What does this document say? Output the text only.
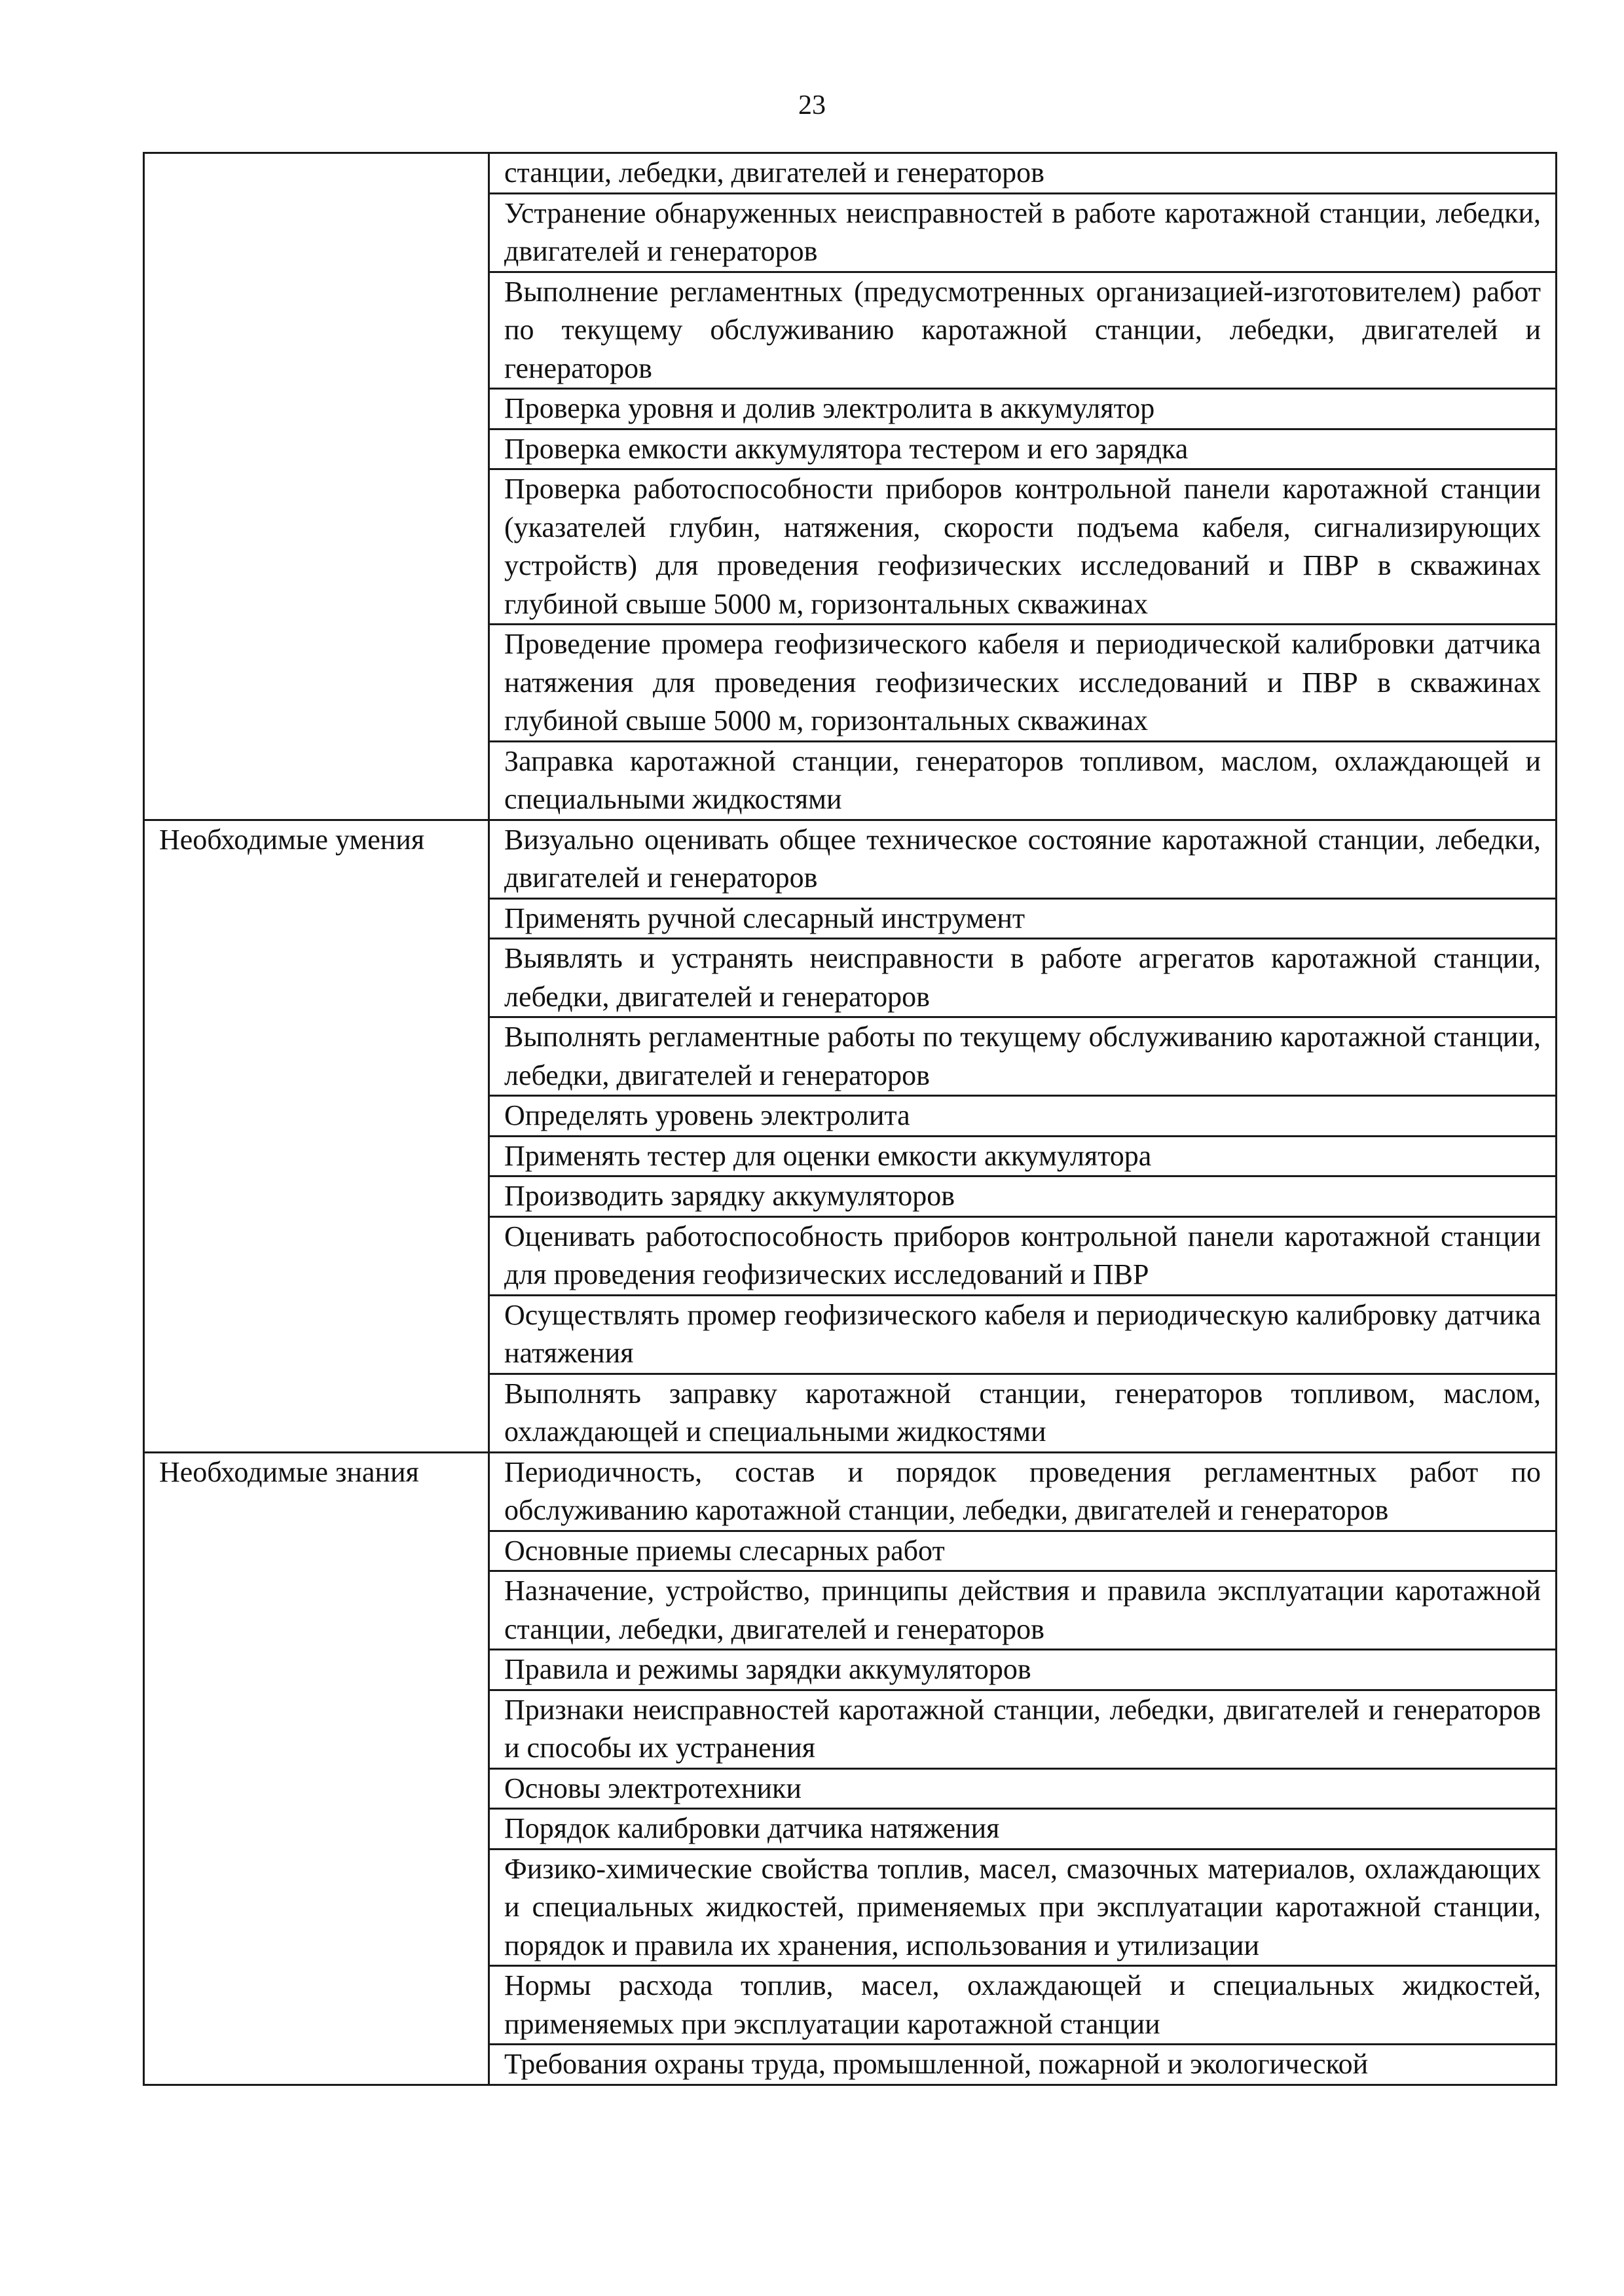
23
	станции, лебедки, двигателей и генераторов
	Устранение обнаруженных неисправностей в работе каротажной станции, лебедки, двигателей и генераторов
	Выполнение регламентных (предусмотренных организацией-изготовителем) работ по текущему обслуживанию каротажной станции, лебедки, двигателей и генераторов
	Проверка уровня и долив электролита в аккумулятор
	Проверка емкости аккумулятора тестером и его зарядка
	Проверка работоспособности приборов контрольной панели каротажной станции (указателей глубин, натяжения, скорости подъема кабеля, сигнализирующих устройств) для проведения геофизических исследований и ПВР в скважинах глубиной свыше 5000 м, горизонтальных скважинах
	Проведение промера геофизического кабеля и периодической калибровки датчика натяжения для проведения геофизических исследований и ПВР в скважинах глубиной свыше 5000 м, горизонтальных скважинах
	Заправка каротажной станции, генераторов топливом, маслом, охлаждающей и специальными жидкостями
Необходимые умения	Визуально оценивать общее техническое состояние каротажной станции, лебедки, двигателей и генераторов
	Применять ручной слесарный инструмент
	Выявлять и устранять неисправности в работе агрегатов каротажной станции, лебедки, двигателей и генераторов
	Выполнять регламентные работы по текущему обслуживанию каротажной станции, лебедки, двигателей и генераторов
	Определять уровень электролита
	Применять тестер для оценки емкости аккумулятора
	Производить зарядку аккумуляторов
	Оценивать работоспособность приборов контрольной панели каротажной станции для проведения геофизических исследований и ПВР
	Осуществлять промер геофизического кабеля и периодическую калибровку датчика натяжения
	Выполнять заправку каротажной станции, генераторов топливом, маслом, охлаждающей и специальными жидкостями
Необходимые знания	Периодичность, состав и порядок проведения регламентных работ по обслуживанию каротажной станции, лебедки, двигателей и генераторов
	Основные приемы слесарных работ
	Назначение, устройство, принципы действия и правила эксплуатации каротажной станции, лебедки, двигателей и генераторов
	Правила и режимы зарядки аккумуляторов
	Признаки неисправностей каротажной станции, лебедки, двигателей и генераторов и способы их устранения
	Основы электротехники
	Порядок калибровки датчика натяжения
	Физико-химические свойства топлив, масел, смазочных материалов, охлаждающих и специальных жидкостей, применяемых при эксплуатации каротажной станции, порядок и правила их хранения, использования и утилизации
	Нормы расхода топлив, масел, охлаждающей и специальных жидкостей, применяемых при эксплуатации каротажной станции
	Требования охраны труда, промышленной, пожарной и экологической
